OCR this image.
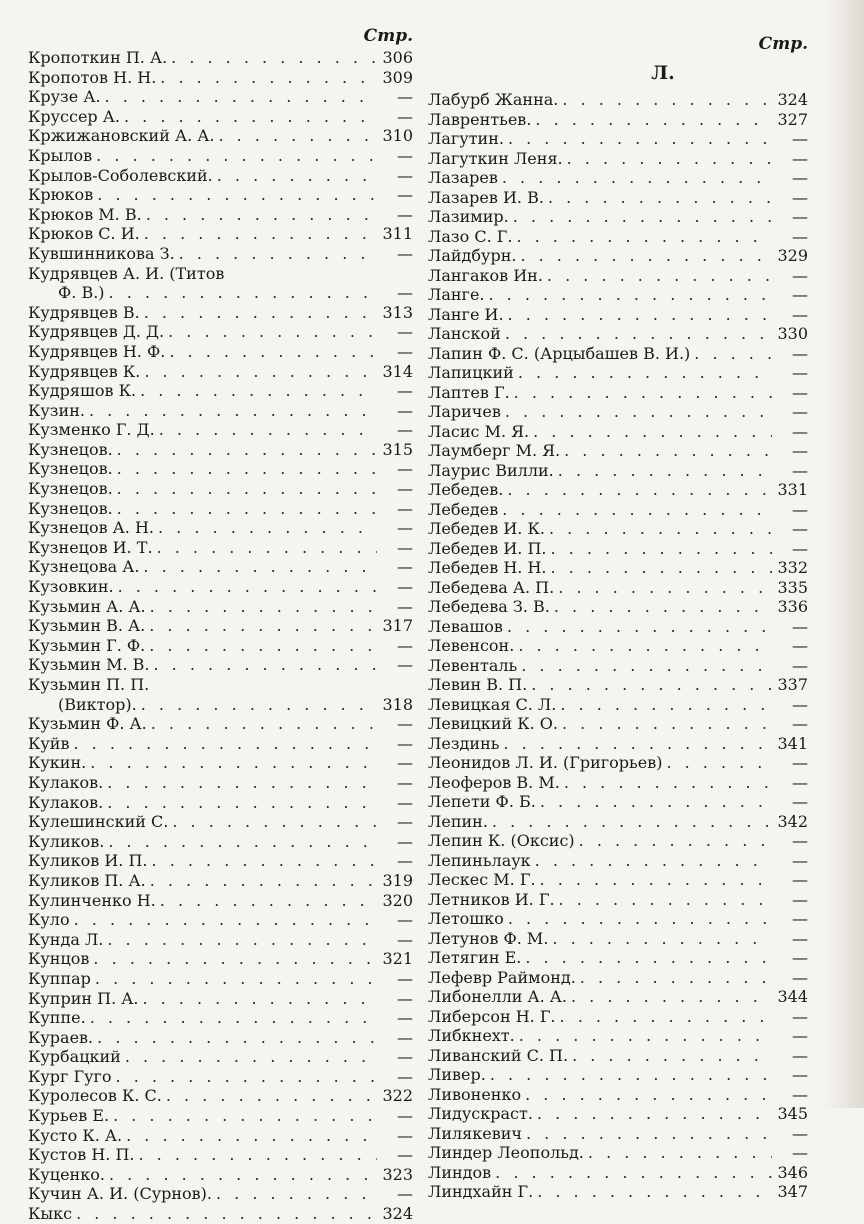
Стр.
Кропоткин П. А. . . .	306
Кропотов Н. Н. . . .	309
Крузе А. . . .	—
Круссер А. . . .	—
Кржижановский А. А. . . .	310
Крылов . . .	—
Крылов-Соболевский. . . .	—
Крюков . . .	—
Крюков М. В. . . .	—
Крюков С. И. . . .	311
Кувшинникова З. . . .	—
Кудрявцев А. И. (Титов
Ф. В.) . . .	—
Кудрявцев В. . . .	313
Кудрявцев Д. Д. . . .	—
Кудрявцев Н. Ф. . . .	—
Кудрявцев К. . . .	314
Кудряшов К. . . .	—
Кузин. . . .	—
Кузменко Г. Д. . . .	—
Кузнецов. . . .	315
Кузнецов. . . .	—
Кузнецов. . . .	—
Кузнецов. . . .	—
Кузнецов А. Н. . . .	—
Кузнецов И. Т. . . .	—
Кузнецова А. . . .	—
Кузовкин. . . .	—
Кузьмин А. А. . . .	—
Кузьмин В. А. . . .	317
Кузьмин Г. Ф. . . .	—
Кузьмин М. В. . . .	—
Кузьмин П. П.
(Виктор). . . .	318
Кузьмин Ф. А. . . .	—
Куйв . . .	—
Кукин. . . .	—
Кулаков. . . .	—
Кулаков. . . .	—
Кулешинский С. . . .	—
Куликов. . . .	—
Куликов И. П. . . .	—
Куликов П. А. . . .	319
Кулинченко Н. . . .	320
Куло . . .	—
Кунда Л. . . .	—
Кунцов . . .	321
Куппар . . .	—
Куприн П. А. . . .	—
Куппе. . . .	—
Кураев. . . .	—
Курбацкий . . .	—
Кург Гуго . . .	—
Куролесов К. С. . . .	322
Курьев Е. . . .	—
Кусто К. А. . . .	—
Кустов Н. П. . . .	—
Куценко. . . .	323
Кучин А. И. (Сурнов). . . .	—
Кыкс . . .	324
Стр.
Л.
Лабурб Жанна. . . .	324
Лаврентьев. . . .	327
Лагутин. . . .	—
Лагуткин Леня. . . .	—
Лазарев . . .	—
Лазарев И. В. . . .	—
Лазимир. . . .	—
Лазо С. Г. . . .	—
Лайдбурн. . . .	329
Лангаков Ин. . . .	—
Ланге. . . .	—
Ланге И. . . .	—
Ланской . . .	330
Лапин Ф. С. (Арцыбашев В. И.) . . .	—
Лапицкий . . .	—
Лаптев Г. . . .	—
Ларичев . . .	—
Ласис М. Я. . . .	—
Лаумберг М. Я. . . .	—
Лаурис Вилли. . . .	—
Лебедев. . . .	331
Лебедев . . .	—
Лебедев И. К. . . .	—
Лебедев И. П. . . .	—
Лебедев Н. Н. . . .	332
Лебедева А. П. . . .	335
Лебедева З. В. . . .	336
Левашов . . .	—
Левенсон. . . .	—
Левенталь . . .	—
Левин В. П. . . .	337
Левицкая С. Л. . . .	—
Левицкий К. О. . . .	—
Лездинь . . .	341
Леонидов Л. И. (Григорьев) . . .	—
Леоферов В. М. . . .	—
Лепети Ф. Б. . . .	—
Лепин. . . .	342
Лепин К. (Оксис) . . .	—
Лепиньлаук . . .	—
Лескес М. Г. . . .	—
Летников И. Г. . . .	—
Летошко . . .	—
Летунов Ф. М. . . .	—
Летягин Е. . . .	—
Лефевр Раймонд. . . .	—
Либонелли А. А. . . .	344
Либерсон Н. Г. . . .	—
Либкнехт. . . .	—
Ливанский С. П. . . .	—
Ливер. . . .	—
Ливоненко . . .	—
Лидускраст. . . .	345
Лилякевич . . .	—
Линдер Леопольд. . . .	—
Линдов . . .	346
Линдхайн Г. . . .	347
